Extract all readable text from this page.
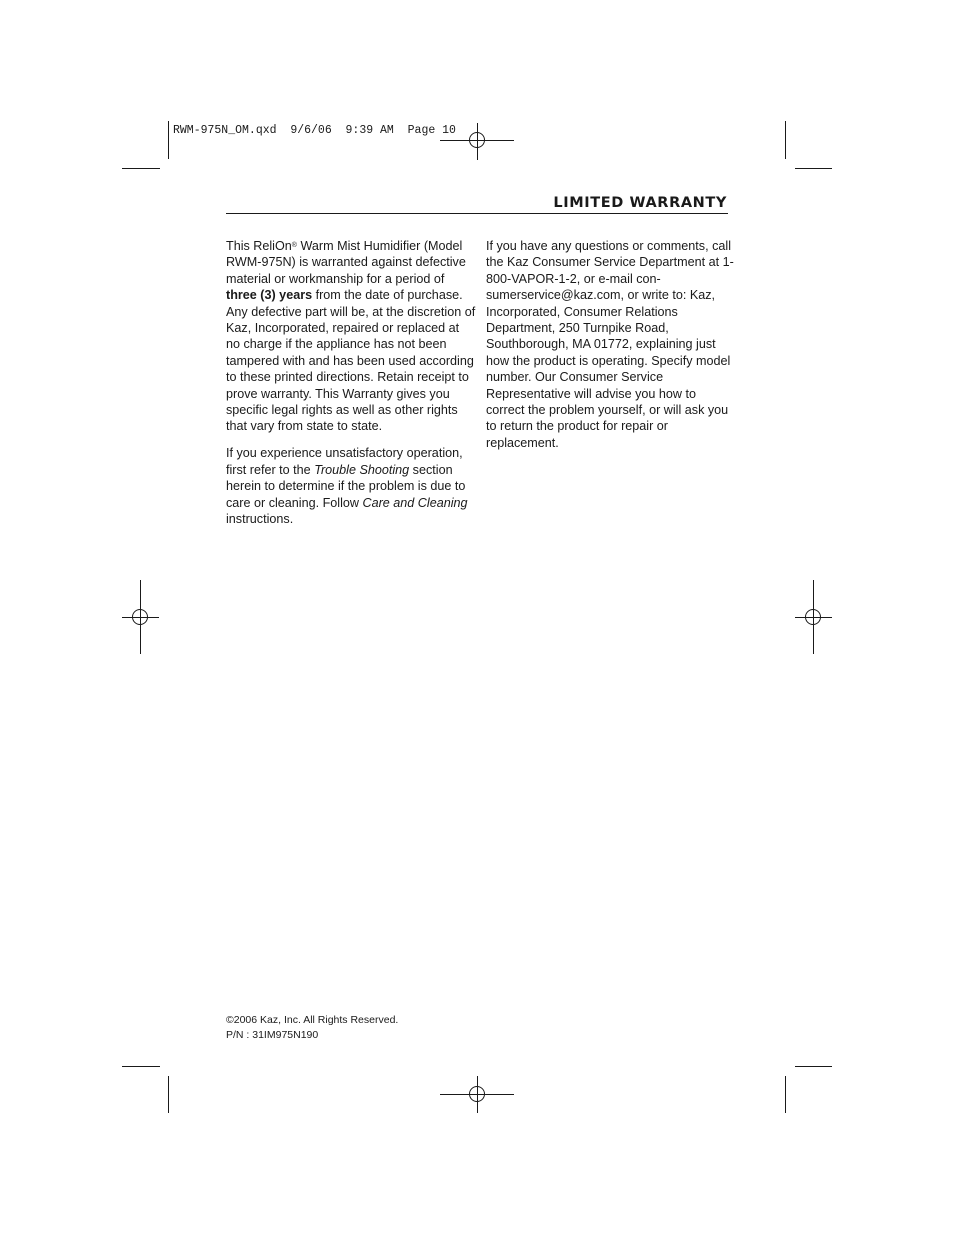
RWM-975N_OM.qxd  9/6/06  9:39 AM  Page 10
LIMITED WARRANTY

This ReliOn® Warm Mist Humidifier (Model RWM-975N) is warranted against defective material or workmanship for a period of three (3) years from the date of purchase. Any defective part will be, at the discretion of Kaz, Incorporated, repaired or replaced at no charge if the appliance has not been tampered with and has been used according to these printed directions. Retain receipt to prove warranty. This Warranty gives you specific legal rights as well as other rights that vary from state to state.

If you experience unsatisfactory operation, first refer to the Trouble Shooting section herein to determine if the problem is due to care or cleaning. Follow Care and Cleaning instructions.

If you have any questions or comments, call the Kaz Consumer Service Department at 1-800-VAPOR-1-2, or e-mail consumerservice@kaz.com, or write to: Kaz, Incorporated, Consumer Relations Department, 250 Turnpike Road, Southborough, MA 01772, explaining just how the product is operating. Specify model number. Our Consumer Service Representative will advise you how to correct the problem yourself, or will ask you to return the product for repair or replacement.

©2006 Kaz, Inc. All Rights Reserved.
P/N : 31IM975N190
